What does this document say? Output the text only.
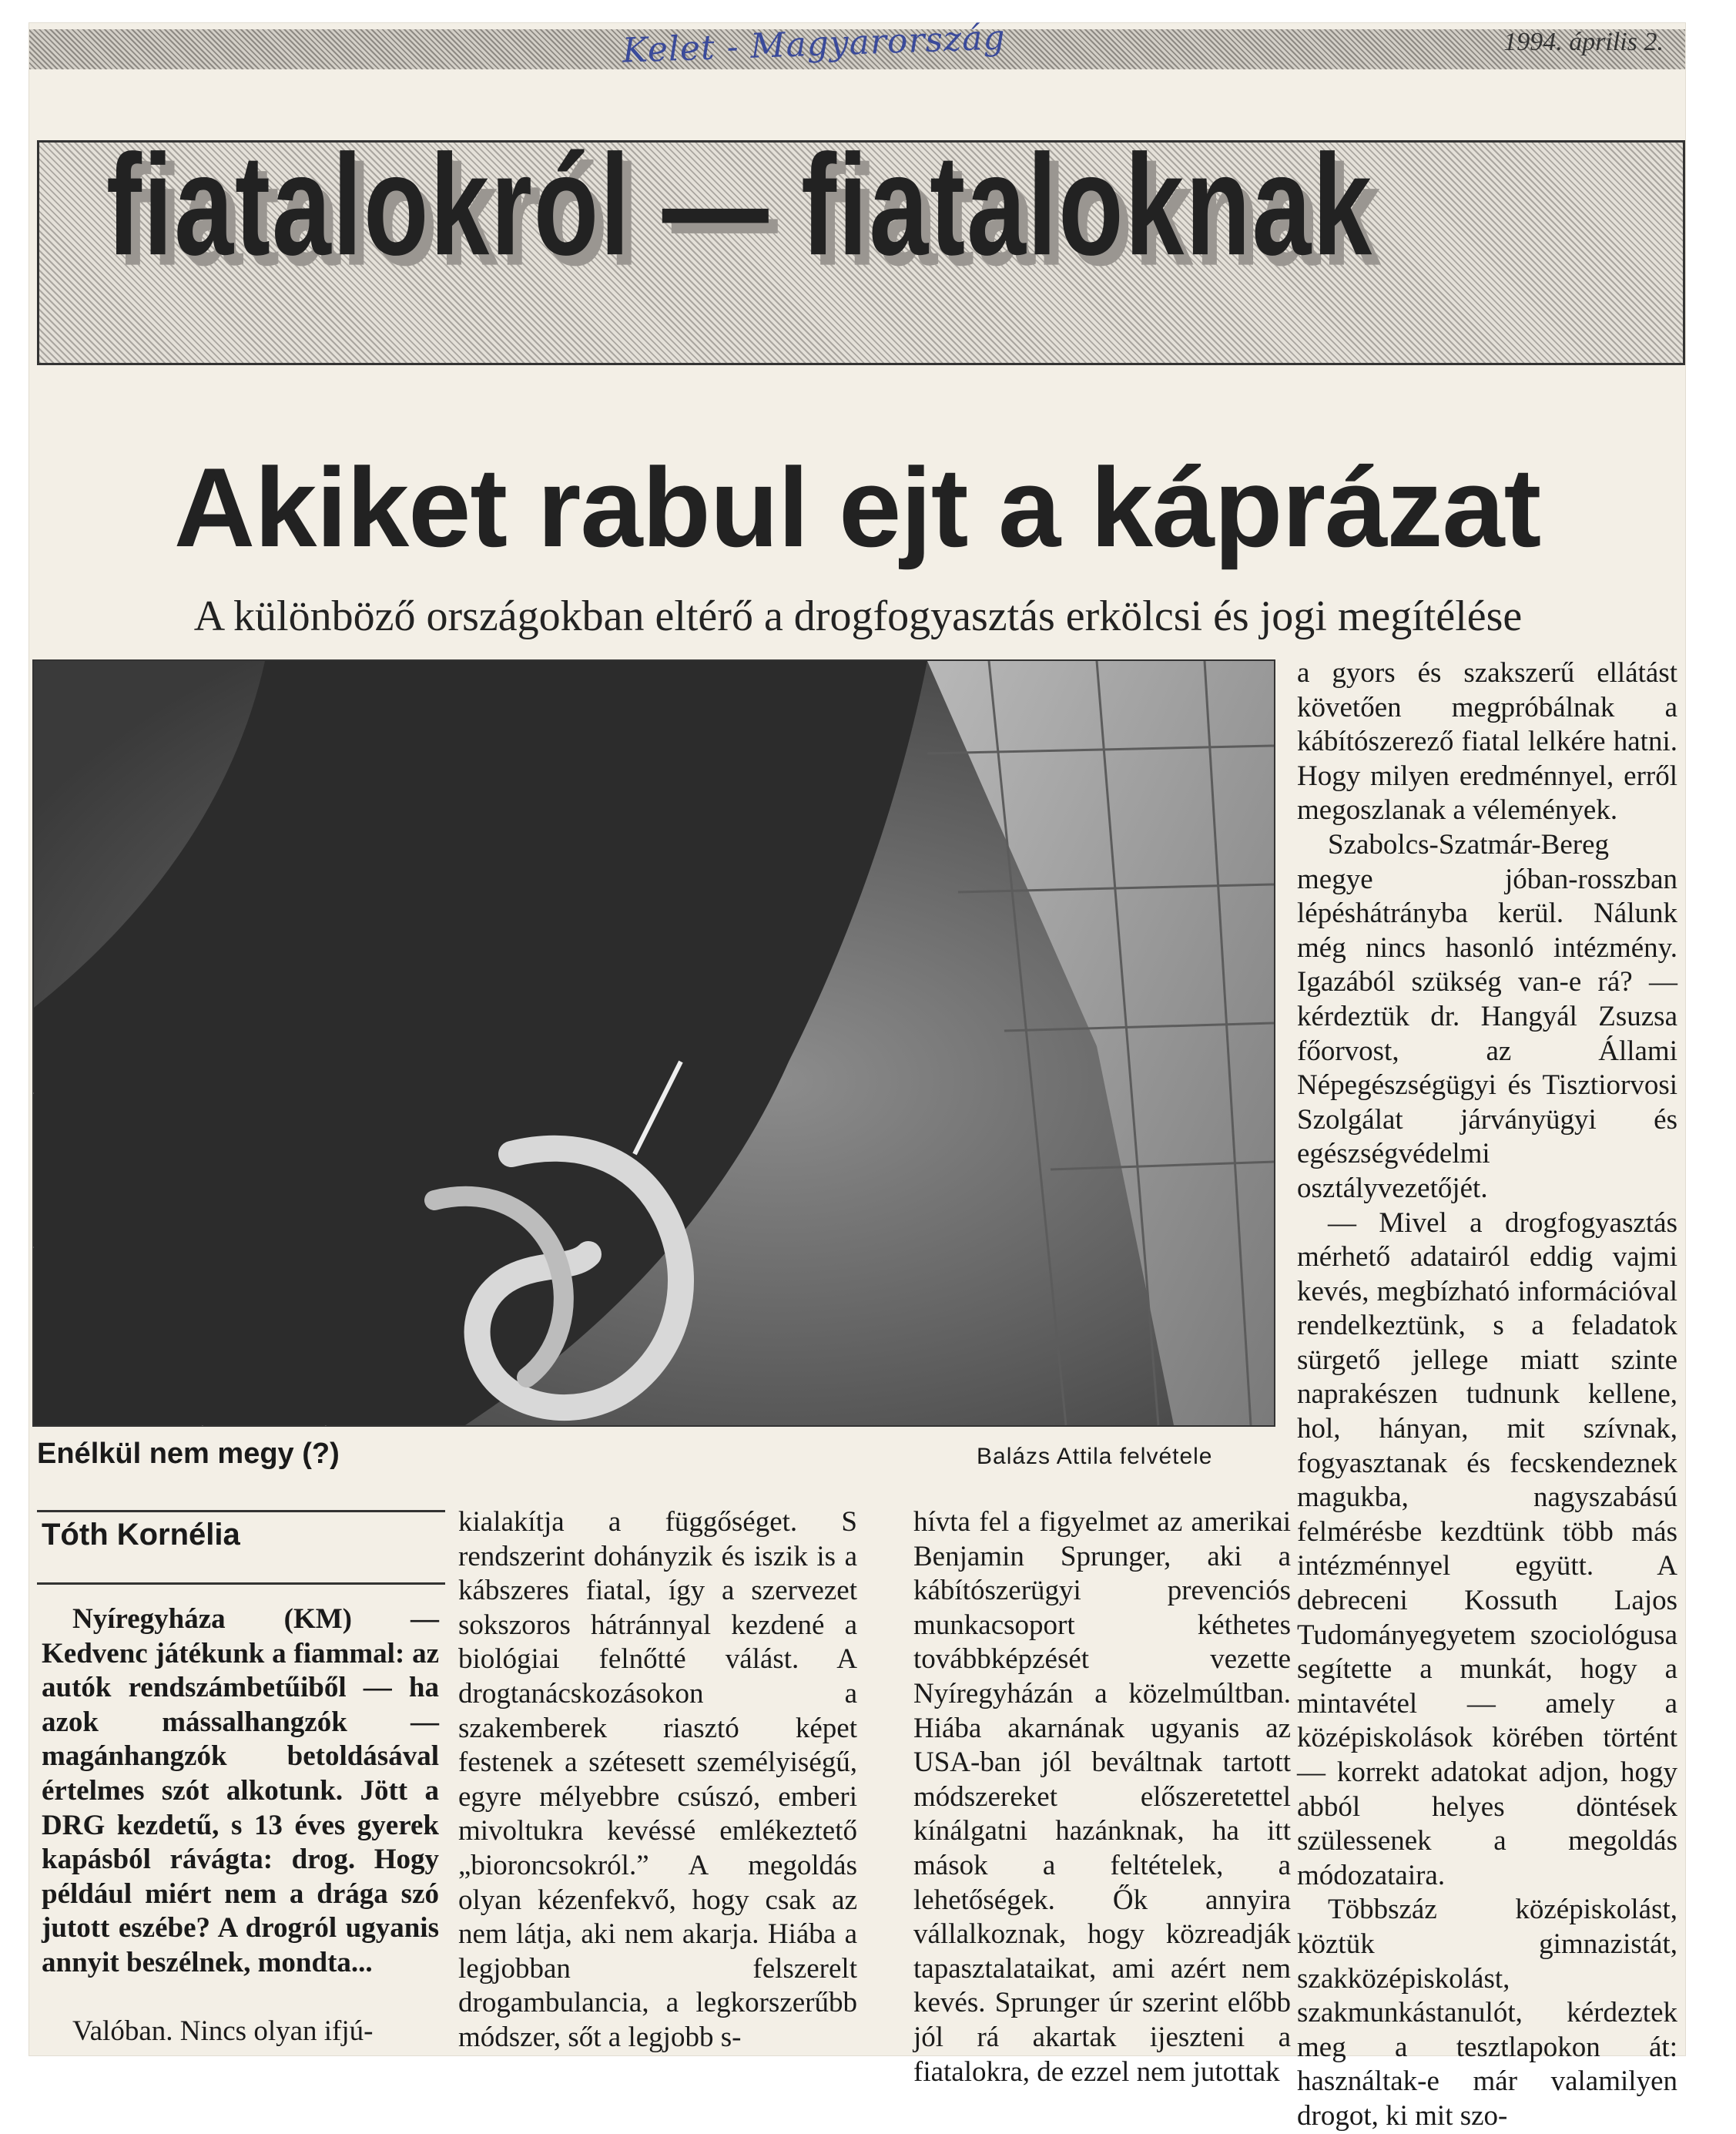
Kelet - Magyarország	1994. április 2.
fiatalokról — fiataloknak
Akiket rabul ejt a káprázat
A különböző országokban eltérő a drogfogyasztás erkölcsi és jogi megítélése
Enélkül nem megy (?)	Balázs Attila felvétele
Tóth Kornélia

Nyíregyháza (KM) — Kedvenc játékunk a fiammal: az autók rendszámbetűiből — ha azok mássalhangzók — magánhangzók betoldásával értelmes szót alkotunk. Jött a DRG kezdetű, s 13 éves gyerek kapásból rávágta: drog. Hogy például miért nem a drága szó jutott eszébe? A drogról ugyanis annyit beszélnek, mondta...

Valóban. Nincs olyan ifjú-

kialakítja a függőséget. S rendszerint dohányzik és iszik is a kábszeres fiatal, így a szervezet sokszoros hátránnyal kezdené a biológiai felnőtté válást. A drogtanácskozásokon a szakemberek riasztó képet festenek a szétesett személyiségű, egyre mélyebbre csúszó, emberi mivoltukra kevéssé emlékeztető „bioroncsokról.” A megoldás olyan kézenfekvő, hogy csak az nem látja, aki nem akarja. Hiába a legjobban felszerelt drogambulancia, a legkorszerűbb módszer, sőt a legjobb s-

hívta fel a figyelmet az amerikai Benjamin Sprunger, aki a kábítószerügyi prevenciós munkacsoport kéthetes továbbképzését vezette Nyíregyházán a közelmúltban. Hiába akarnának ugyanis az USA-ban jól beváltnak tartott módszereket előszeretettel kínálgatni hazánknak, ha itt mások a feltételek, a lehetőségek. Ők annyira vállalkoznak, hogy közreadják tapasztalataikat, ami azért nem kevés. Sprunger úr szerint előbb jól rá akartak ijeszteni a fiatalokra, de ezzel nem jutottak

a gyors és szakszerű ellátást követően megpróbálnak a kábítószerező fiatal lelkére hatni. Hogy milyen eredménnyel, erről megoszlanak a vélemények.

Szabolcs-Szatmár-Bereg megye jóban-rosszban lépéshátrányba kerül. Nálunk még nincs hasonló intézmény. Igazából szükség van-e rá? — kérdeztük dr. Hangyál Zsuzsa főorvost, az Állami Népegészségügyi és Tisztiorvosi Szolgálat járványügyi és egészségvédelmi osztályvezetőjét.

— Mivel a drogfogyasztás mérhető adatairól eddig vajmi kevés, megbízható információval rendelkeztünk, s a feladatok sürgető jellege miatt szinte naprakészen tudnunk kellene, hol, hányan, mit szívnak, fogyasztanak és fecskendeznek magukba, nagyszabású felmérésbe kezdtünk több más intézménnyel együtt. A debreceni Kossuth Lajos Tudományegyetem szociológusa segítette a munkát, hogy a mintavétel — amely a középiskolások körében történt — korrekt adatokat adjon, hogy abból helyes döntések szülessenek a megoldás módozataira.

Többszáz középiskolást, köztük gimnazistát, szakközépiskolást, szakmunkástanulót, kérdeztek meg a tesztlapokon át: használtak-e már valamilyen drogot, ki mit szo-
